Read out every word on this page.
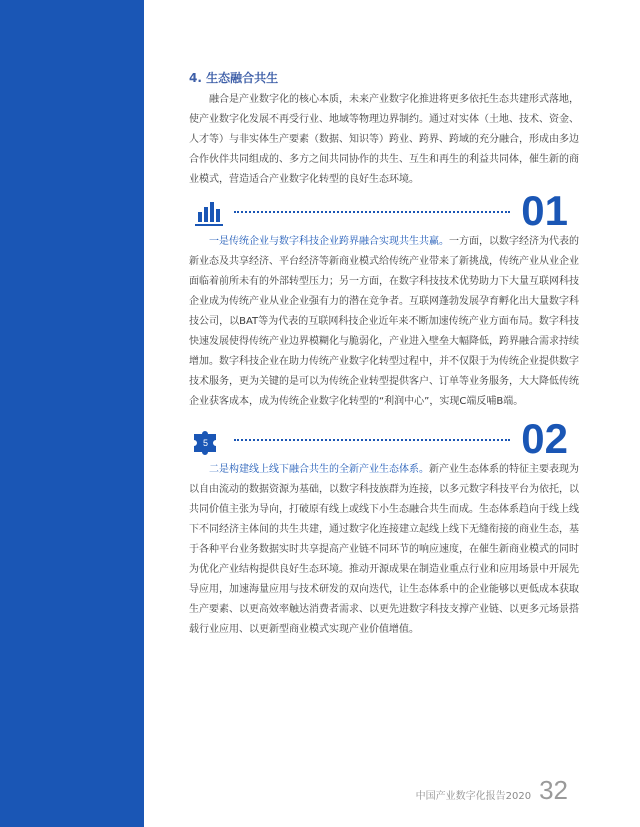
4. 生态融合共生

融合是产业数字化的核心本质，未来产业数字化推进将更多依托生态共建形式落地，使产业数字化发展不再受行业、地域等物理边界制约。通过对实体（土地、技术、资金、人才等）与非实体生产要素（数据、知识等）跨业、跨界、跨域的充分融合，形成由多边合作伙伴共同组成的、多方之间共同协作的共生、互生和再生的利益共同体，催生新的商业模式，营造适合产业数字化转型的良好生态环境。

01

一是传统企业与数字科技企业跨界融合实现共生共赢。一方面，以数字经济为代表的新业态及共享经济、平台经济等新商业模式给传统产业带来了新挑战，传统产业从业企业面临着前所未有的外部转型压力；另一方面，在数字科技技术优势助力下大量互联网科技企业成为传统产业从业企业强有力的潜在竞争者。互联网蓬勃发展孕育孵化出大量数字科技公司，以BAT等为代表的互联网科技企业近年来不断加速传统产业方面布局。数字科技快速发展使得传统产业边界模糊化与脆弱化，产业进入壁垒大幅降低，跨界融合需求持续增加。数字科技企业在助力传统产业数字化转型过程中，并不仅限于为传统企业提供数字技术服务，更为关键的是可以为传统企业转型提供客户、订单等业务服务，大大降低传统企业获客成本，成为传统企业数字化转型的“利润中心”，实现C端反哺B端。

5	02

二是构建线上线下融合共生的全新产业生态体系。新产业生态体系的特征主要表现为以自由流动的数据资源为基础，以数字科技族群为连接，以多元数字科技平台为依托，以共同价值主张为导向，打破原有线上或线下小生态融合共生而成。生态体系趋向于线上线下不同经济主体间的共生共建，通过数字化连接建立起线上线下无缝衔接的商业生态，基于各种平台业务数据实时共享提高产业链不同环节的响应速度，在催生新商业模式的同时为优化产业结构提供良好生态环境。推动开源成果在制造业重点行业和应用场景中开展先导应用，加速海量应用与技术研发的双向迭代，让生态体系中的企业能够以更低成本获取生产要素、以更高效率触达消费者需求、以更先进数字科技支撑产业链、以更多元场景搭载行业应用、以更新型商业模式实现产业价值增值。

中国产业数字化报告2020 32
